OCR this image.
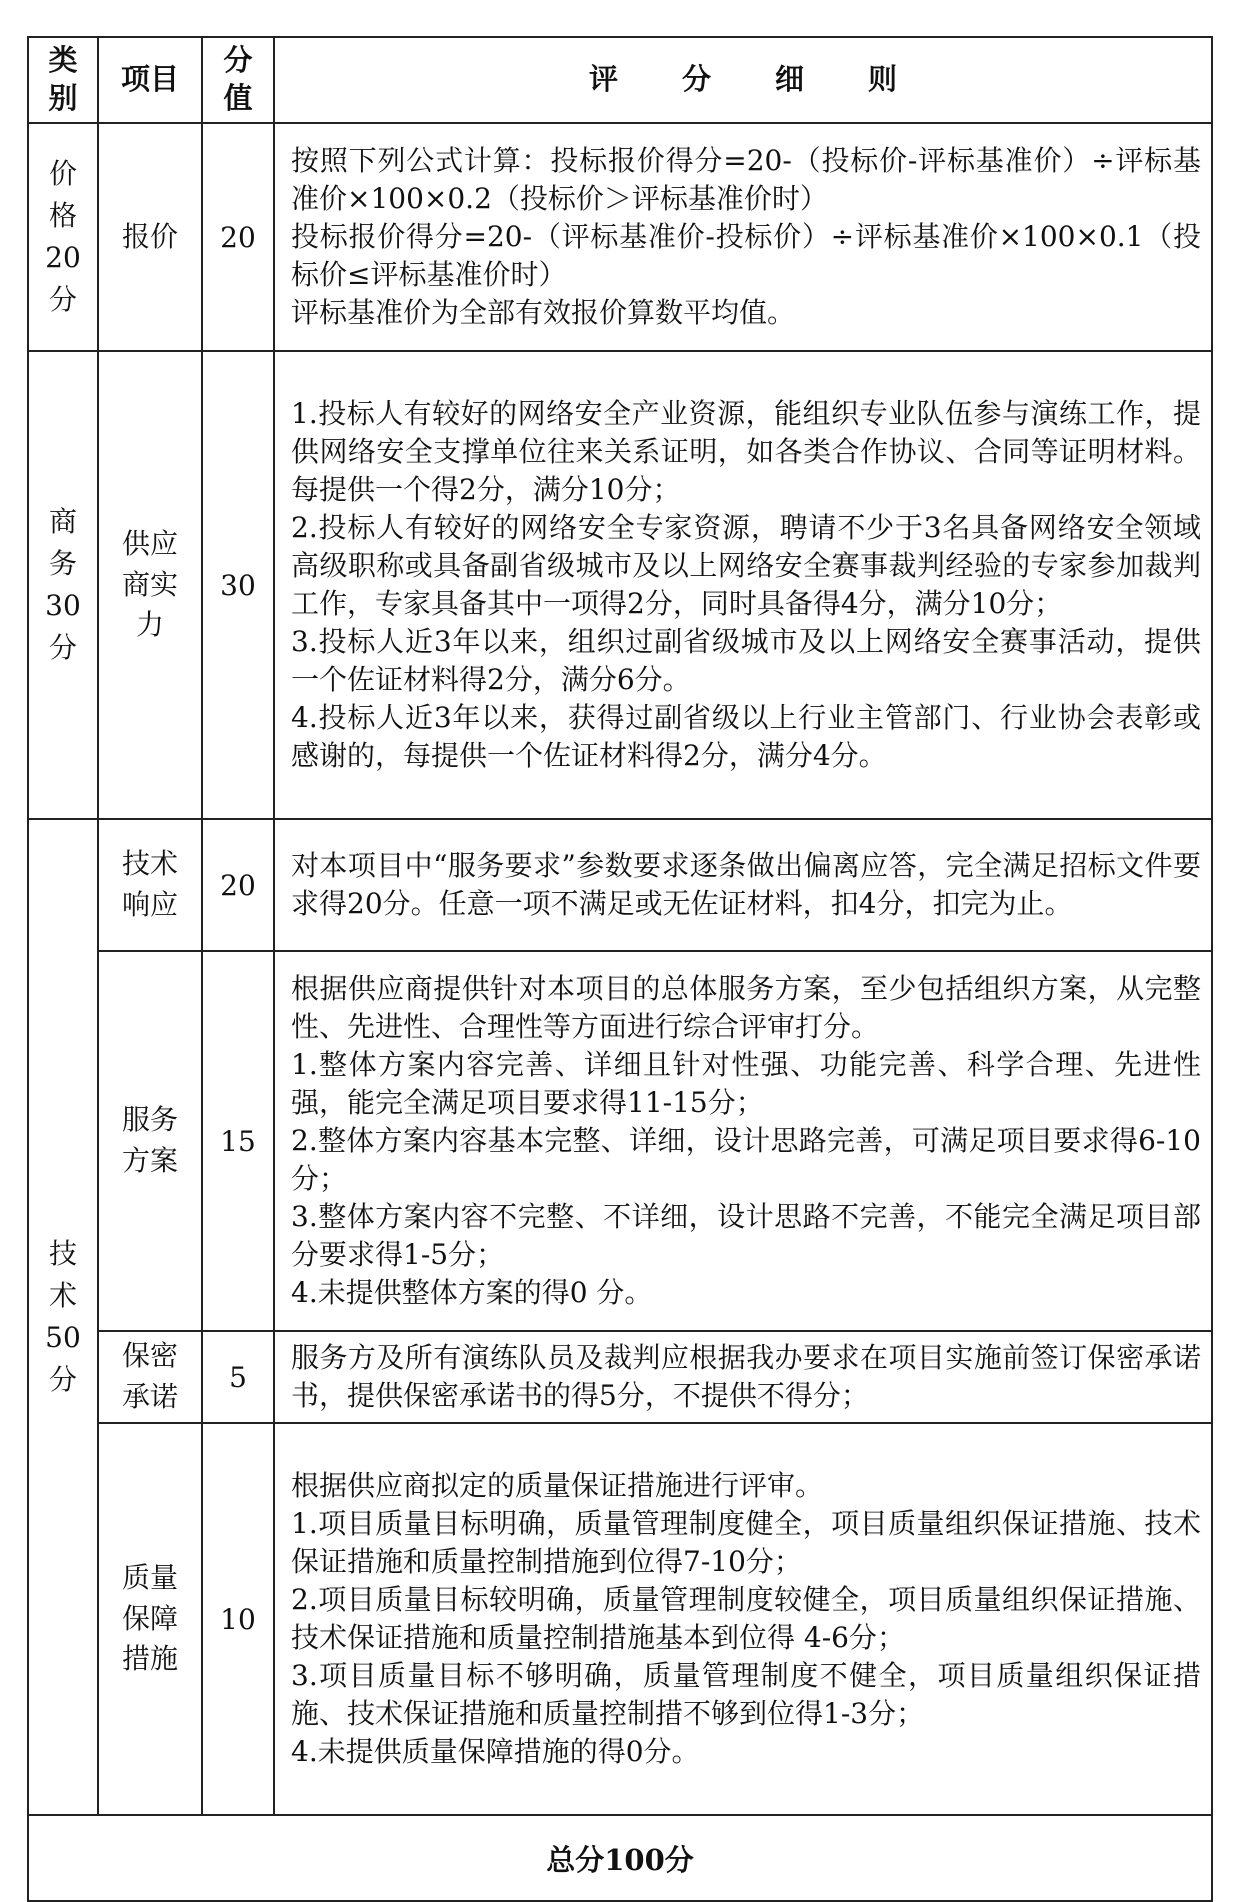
类别	项目	分值	评分细则
价格20分	报价	20	按照下列公式计算：投标报价得分=20-（投标价-评标基准价）÷评标基准价×100×0.2（投标价＞评标基准价时）
投标报价得分=20-（评标基准价-投标价）÷评标基准价×100×0.1（投标价≤评标基准价时）
评标基准价为全部有效报价算数平均值。

商务30分	供应商实力	30	1.投标人有较好的网络安全产业资源，能组织专业队伍参与演练工作，提供网络安全支撑单位往来关系证明，如各类合作协议、合同等证明材料。每提供一个得2分，满分10分；
2.投标人有较好的网络安全专家资源，聘请不少于3名具备网络安全领域高级职称或具备副省级城市及以上网络安全赛事裁判经验的专家参加裁判工作，专家具备其中一项得2分，同时具备得4分，满分10分；
3.投标人近3年以来，组织过副省级城市及以上网络安全赛事活动，提供一个佐证材料得2分，满分6分。
4.投标人近3年以来，获得过副省级以上行业主管部门、行业协会表彰或感谢的，每提供一个佐证材料得2分，满分4分。

技术50分	技术响应	20	对本项目中“服务要求”参数要求逐条做出偏离应答，完全满足招标文件要求得20分。任意一项不满足或无佐证材料，扣4分，扣完为止。

	服务方案	15	根据供应商提供针对本项目的总体服务方案，至少包括组织方案，从完整性、先进性、合理性等方面进行综合评审打分。
1.整体方案内容完善、详细且针对性强、功能完善、科学合理、先进性强，能完全满足项目要求得11-15分；
2.整体方案内容基本完整、详细，设计思路完善，可满足项目要求得6-10分；
3.整体方案内容不完整、不详细，设计思路不完善，不能完全满足项目部分要求得1-5分；
4.未提供整体方案的得0 分。

	保密承诺	5	服务方及所有演练队员及裁判应根据我办要求在项目实施前签订保密承诺书，提供保密承诺书的得5分，不提供不得分；

	质量保障措施	10	根据供应商拟定的质量保证措施进行评审。
1.项目质量目标明确，质量管理制度健全，项目质量组织保证措施、技术保证措施和质量控制措施到位得7-10分；
2.项目质量目标较明确，质量管理制度较健全，项目质量组织保证措施、技术保证措施和质量控制措施基本到位得 4-6分；
3.项目质量目标不够明确，质量管理制度不健全，项目质量组织保证措施、技术保证措施和质量控制措不够到位得1-3分；
4.未提供质量保障措施的得0分。

总分100分			
